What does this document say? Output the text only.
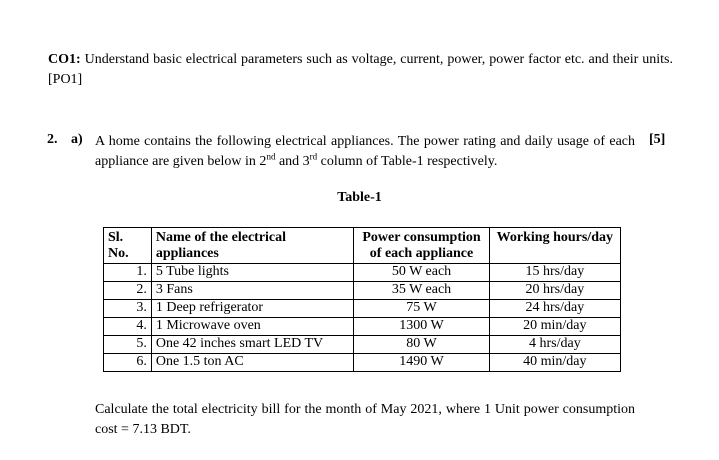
CO1: Understand basic electrical parameters such as voltage, current, power, power factor etc. and their units. [PO1]
2. a) A home contains the following electrical appliances. The power rating and daily usage of each appliance are given below in 2nd and 3rd column of Table-1 respectively.
[5]
Table-1
Sl. No.	Name of the electrical appliances	Power consumption of each appliance	Working hours/day
1.	5 Tube lights	50 W each	15 hrs/day
2.	3 Fans	35 W each	20 hrs/day
3.	1 Deep refrigerator	75 W	24 hrs/day
4.	1 Microwave oven	1300 W	20 min/day
5.	One 42 inches smart LED TV	80 W	4 hrs/day
6.	One 1.5 ton AC	1490 W	40 min/day
Calculate the total electricity bill for the month of May 2021, where 1 Unit power consumption cost = 7.13 BDT.
